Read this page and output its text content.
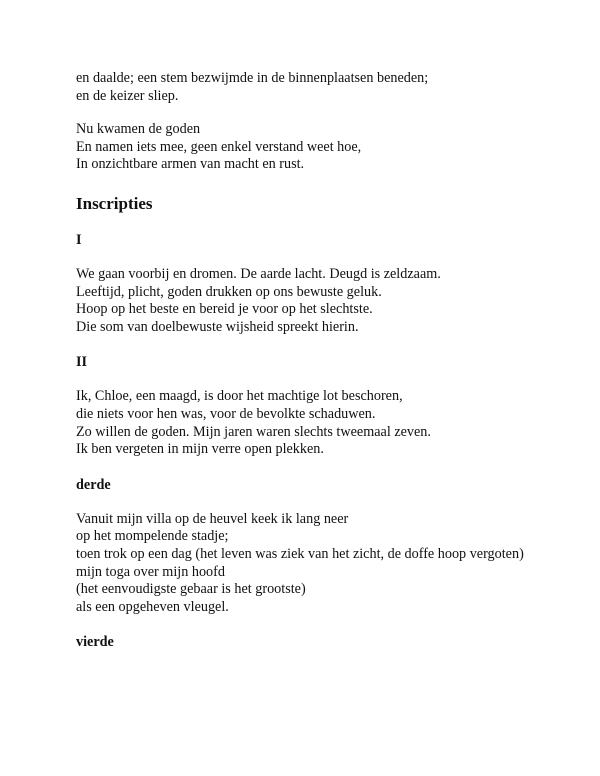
en daalde; een stem bezwijmde in de binnenplaatsen beneden;
en de keizer sliep.
Nu kwamen de goden
En namen iets mee, geen enkel verstand weet hoe,
In onzichtbare armen van macht en rust.
Inscripties
I
We gaan voorbij en dromen. De aarde lacht. Deugd is zeldzaam.
Leeftijd, plicht, goden drukken op ons bewuste geluk.
Hoop op het beste en bereid je voor op het slechtste.
Die som van doelbewuste wijsheid spreekt hierin.
II
Ik, Chloe, een maagd, is door het machtige lot beschoren,
die niets voor hen was, voor de bevolkte schaduwen.
Zo willen de goden. Mijn jaren waren slechts tweemaal zeven.
Ik ben vergeten in mijn verre open plekken.
derde
Vanuit mijn villa op de heuvel keek ik lang neer
op het mompelende stadje;
toen trok op een dag (het leven was ziek van het zicht, de doffe hoop vergoten)
mijn toga over mijn hoofd
(het eenvoudigste gebaar is het grootste)
als een opgeheven vleugel.
vierde
